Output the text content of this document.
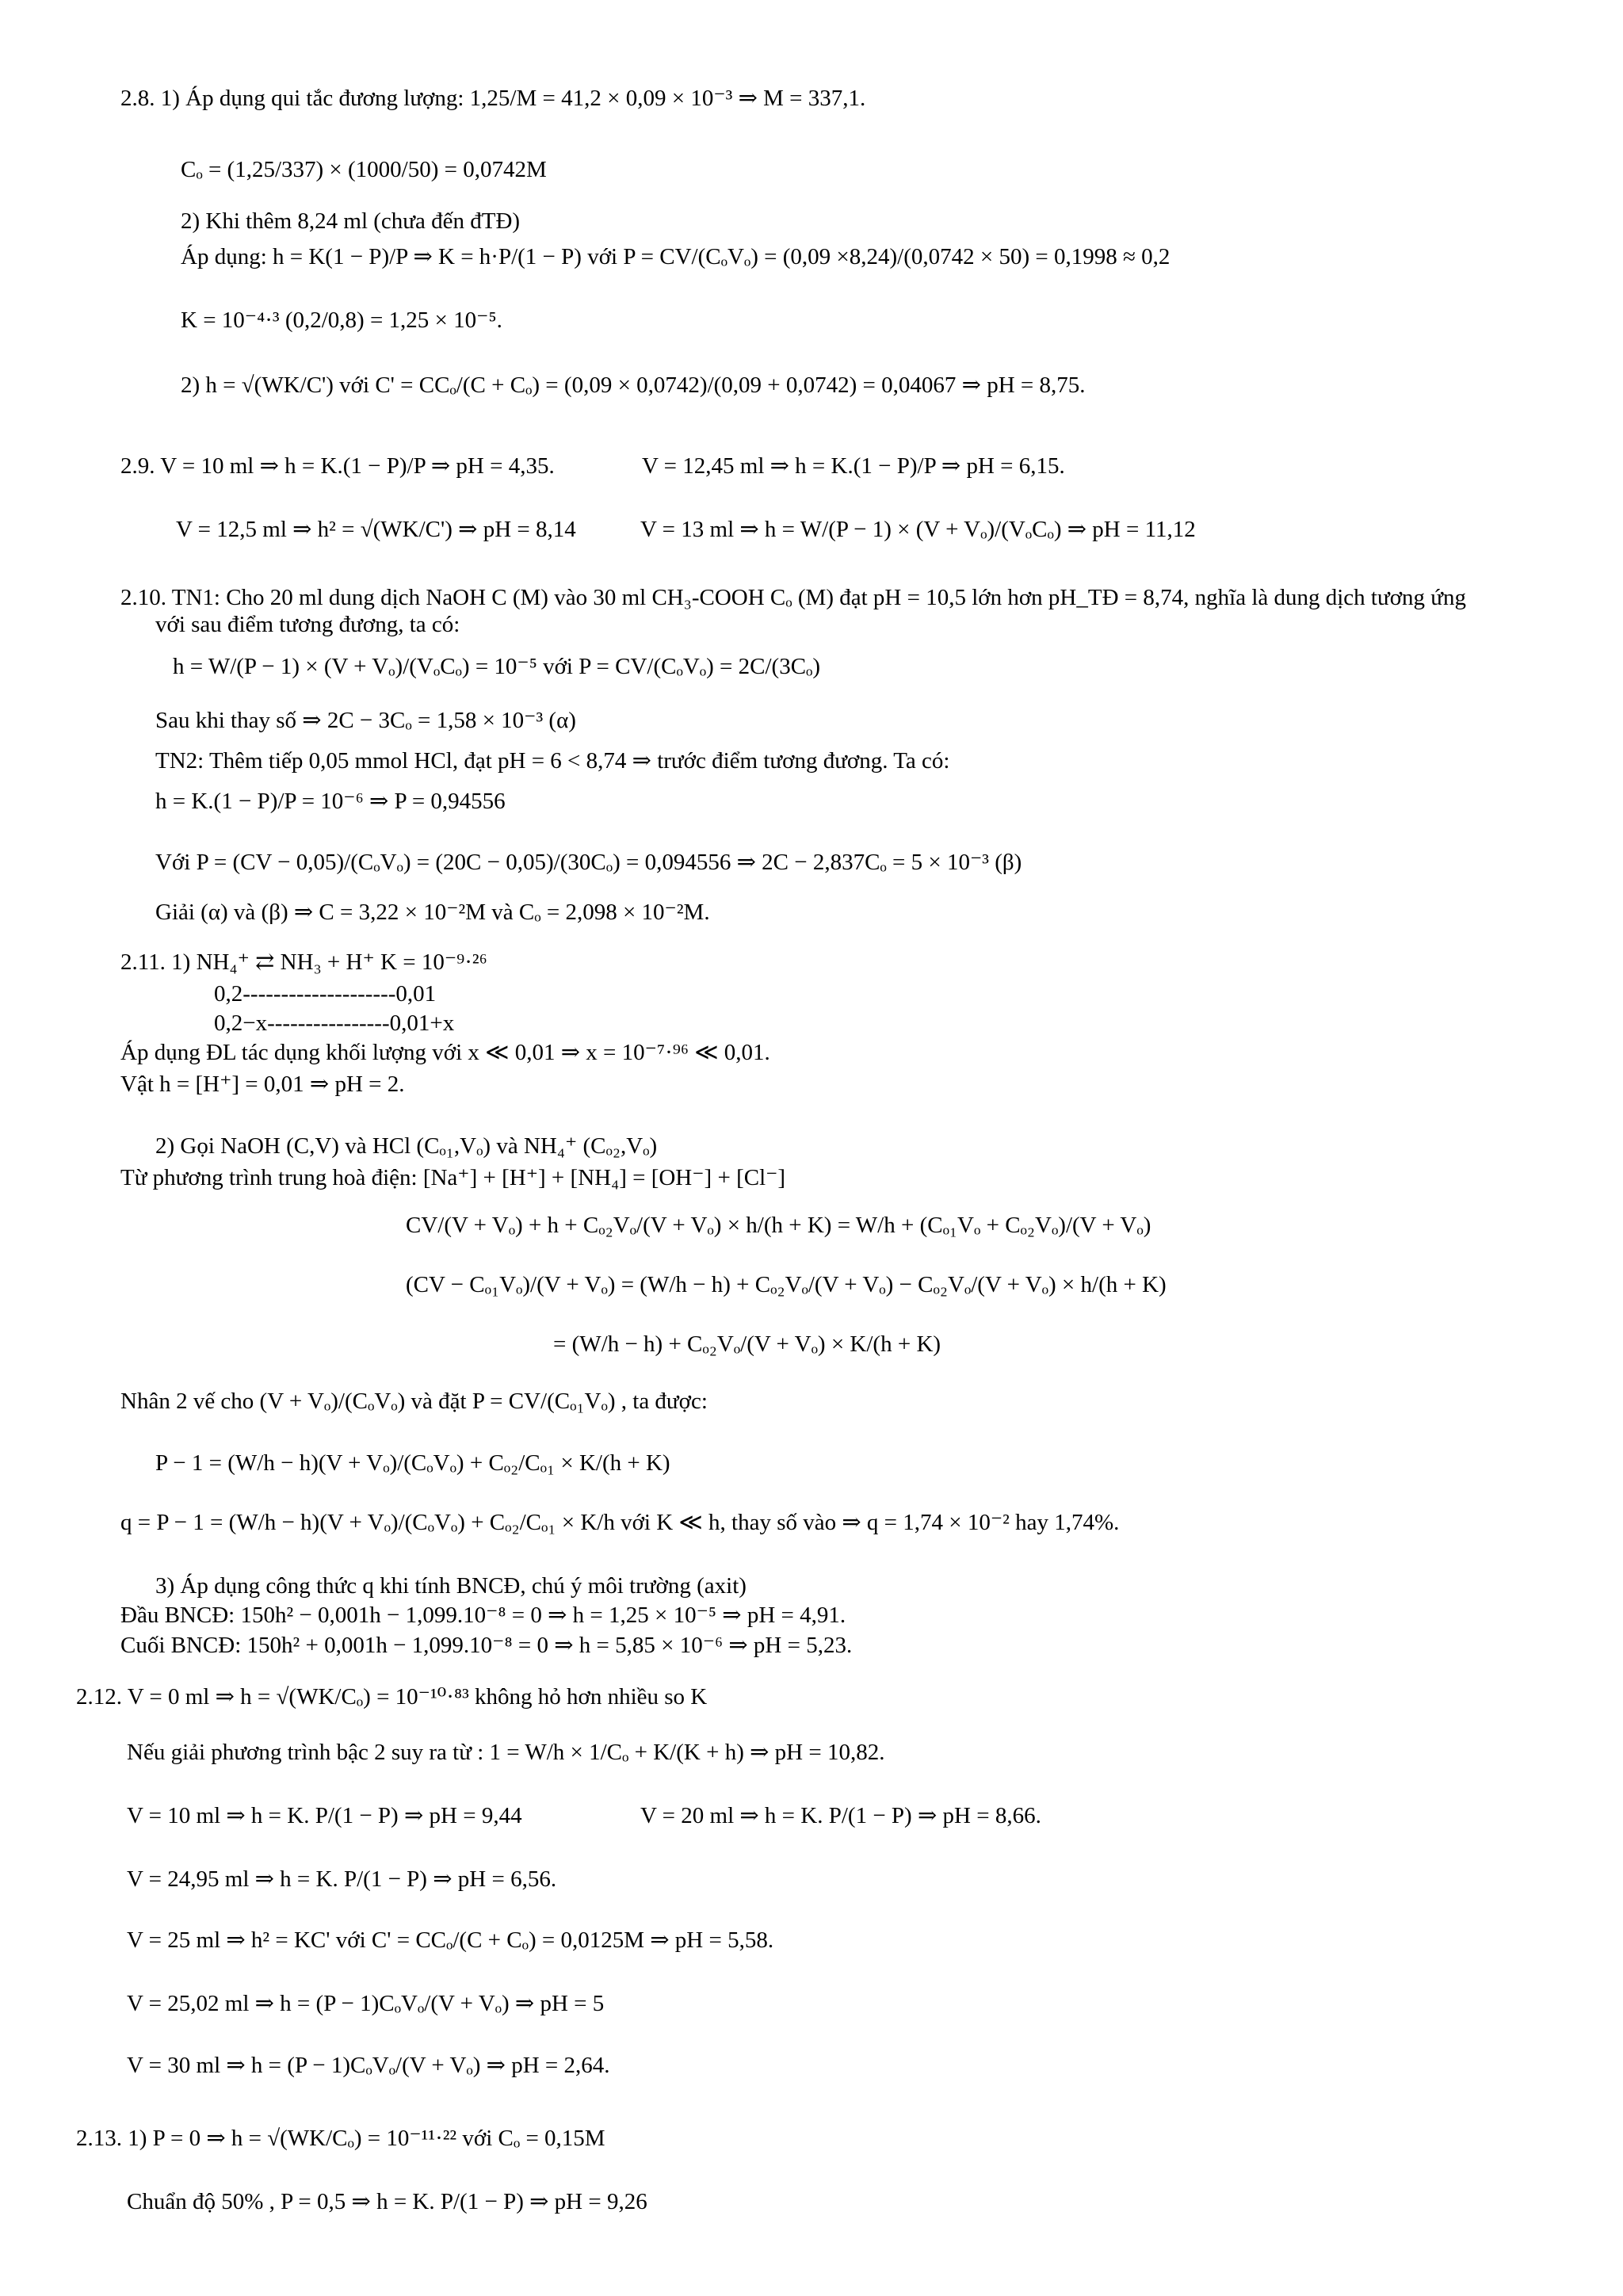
2.8. 1) Áp dụng qui tắc đương lượng: 1,25/M = 41,2 × 0,09 × 10⁻³ ⇒ M = 337,1.
Cₒ = (1,25/337) × (1000/50) = 0,0742M
2) Khi thêm 8,24 ml (chưa đến đTĐ)
Áp dụng: h = K(1 − P)/P ⇒ K = h·P/(1 − P) với P = CV/(CₒVₒ) = (0,09 ×8,24)/(0,0742 × 50) = 0,1998 ≈ 0,2
K = 10⁻⁴·³ (0,2/0,8) = 1,25 × 10⁻⁵.
2) h = √(WK/C') với C' = CCₒ/(C + Cₒ) = (0,09 × 0,0742)/(0,09 + 0,0742) = 0,04067 ⇒ pH = 8,75.
2.9. V = 10 ml ⇒ h = K.(1 − P)/P ⇒ pH = 4,35.	V = 12,45 ml ⇒ h = K.(1 − P)/P ⇒ pH = 6,15.
V = 12,5 ml ⇒ h² = √(WK/C') ⇒ pH = 8,14	V = 13 ml ⇒ h = W/(P − 1) × (V + Vₒ)/(VₒCₒ) ⇒ pH = 11,12
2.10. TN1: Cho 20 ml dung dịch NaOH C (M) vào 30 ml CH₃-COOH Cₒ (M) đạt pH = 10,5 lớn hơn pH_TĐ = 8,74, nghĩa là dung dịch tương ứng
với sau điểm tương đương, ta có:
h = W/(P − 1) × (V + Vₒ)/(VₒCₒ) = 10⁻⁵ với P = CV/(CₒVₒ) = 2C/(3Cₒ)
Sau khi thay số ⇒ 2C − 3Cₒ = 1,58 × 10⁻³ (α)
TN2: Thêm tiếp 0,05 mmol HCl, đạt pH = 6 < 8,74 ⇒ trước điểm tương đương. Ta có:
h = K.(1 − P)/P = 10⁻⁶ ⇒ P = 0,94556
Với P = (CV − 0,05)/(CₒVₒ) = (20C − 0,05)/(30Cₒ) = 0,094556 ⇒ 2C − 2,837Cₒ = 5 × 10⁻³ (β)
Giải (α) và (β) ⇒ C = 3,22 × 10⁻²M và Cₒ = 2,098 × 10⁻²M.
2.11. 1) NH₄⁺ ⇄ NH₃ + H⁺ K = 10⁻⁹·²⁶
0,2--------------------0,01
0,2−x----------------0,01+x
Áp dụng ĐL tác dụng khối lượng với x ≪ 0,01 ⇒ x = 10⁻⁷·⁹⁶ ≪ 0,01.
Vật h = [H⁺] = 0,01 ⇒ pH = 2.
2) Gọi NaOH (C,V) và HCl (Cₒ₁,Vₒ) và NH₄⁺ (Cₒ₂,Vₒ)
Từ phương trình trung hoà điện: [Na⁺] + [H⁺] + [NH₄] = [OH⁻] + [Cl⁻]
CV/(V + Vₒ) + h + Cₒ₂Vₒ/(V + Vₒ) × h/(h + K) = W/h + (Cₒ₁Vₒ + Cₒ₂Vₒ)/(V + Vₒ)
(CV − Cₒ₁Vₒ)/(V + Vₒ) = (W/h − h) + Cₒ₂Vₒ/(V + Vₒ) − Cₒ₂Vₒ/(V + Vₒ) × h/(h + K)
= (W/h − h) + Cₒ₂Vₒ/(V + Vₒ) × K/(h + K)
Nhân 2 vế cho (V + Vₒ)/(CₒVₒ) và đặt P = CV/(Cₒ₁Vₒ) , ta được:
P − 1 = (W/h − h)(V + Vₒ)/(CₒVₒ) + Cₒ₂/Cₒ₁ × K/(h + K)
q = P − 1 = (W/h − h)(V + Vₒ)/(CₒVₒ) + Cₒ₂/Cₒ₁ × K/h với K ≪ h, thay số vào ⇒ q = 1,74 × 10⁻² hay 1,74%.
3) Áp dụng công thức q khi tính BNCĐ, chú ý môi trường (axit)
Đầu BNCĐ: 150h² − 0,001h − 1,099.10⁻⁸ = 0 ⇒ h = 1,25 × 10⁻⁵ ⇒ pH = 4,91.
Cuối BNCĐ: 150h² + 0,001h − 1,099.10⁻⁸ = 0 ⇒ h = 5,85 × 10⁻⁶ ⇒ pH = 5,23.
2.12. V = 0 ml ⇒ h = √(WK/Cₒ) = 10⁻¹⁰·⁸³ không hỏ hơn nhiều so K
Nếu giải phương trình bậc 2 suy ra từ : 1 = W/h × 1/Cₒ + K/(K + h) ⇒ pH = 10,82.
V = 10 ml ⇒ h = K. P/(1 − P) ⇒ pH = 9,44	V = 20 ml ⇒ h = K. P/(1 − P) ⇒ pH = 8,66.
V = 24,95 ml ⇒ h = K. P/(1 − P) ⇒ pH = 6,56.
V = 25 ml ⇒ h² = KC' với C' = CCₒ/(C + Cₒ) = 0,0125M ⇒ pH = 5,58.
V = 25,02 ml ⇒ h = (P − 1)CₒVₒ/(V + Vₒ) ⇒ pH = 5
V = 30 ml ⇒ h = (P − 1)CₒVₒ/(V + Vₒ) ⇒ pH = 2,64.
2.13. 1) P = 0 ⇒ h = √(WK/Cₒ) = 10⁻¹¹·²² với Cₒ = 0,15M
Chuẩn độ 50% , P = 0,5 ⇒ h = K. P/(1 − P) ⇒ pH = 9,26
